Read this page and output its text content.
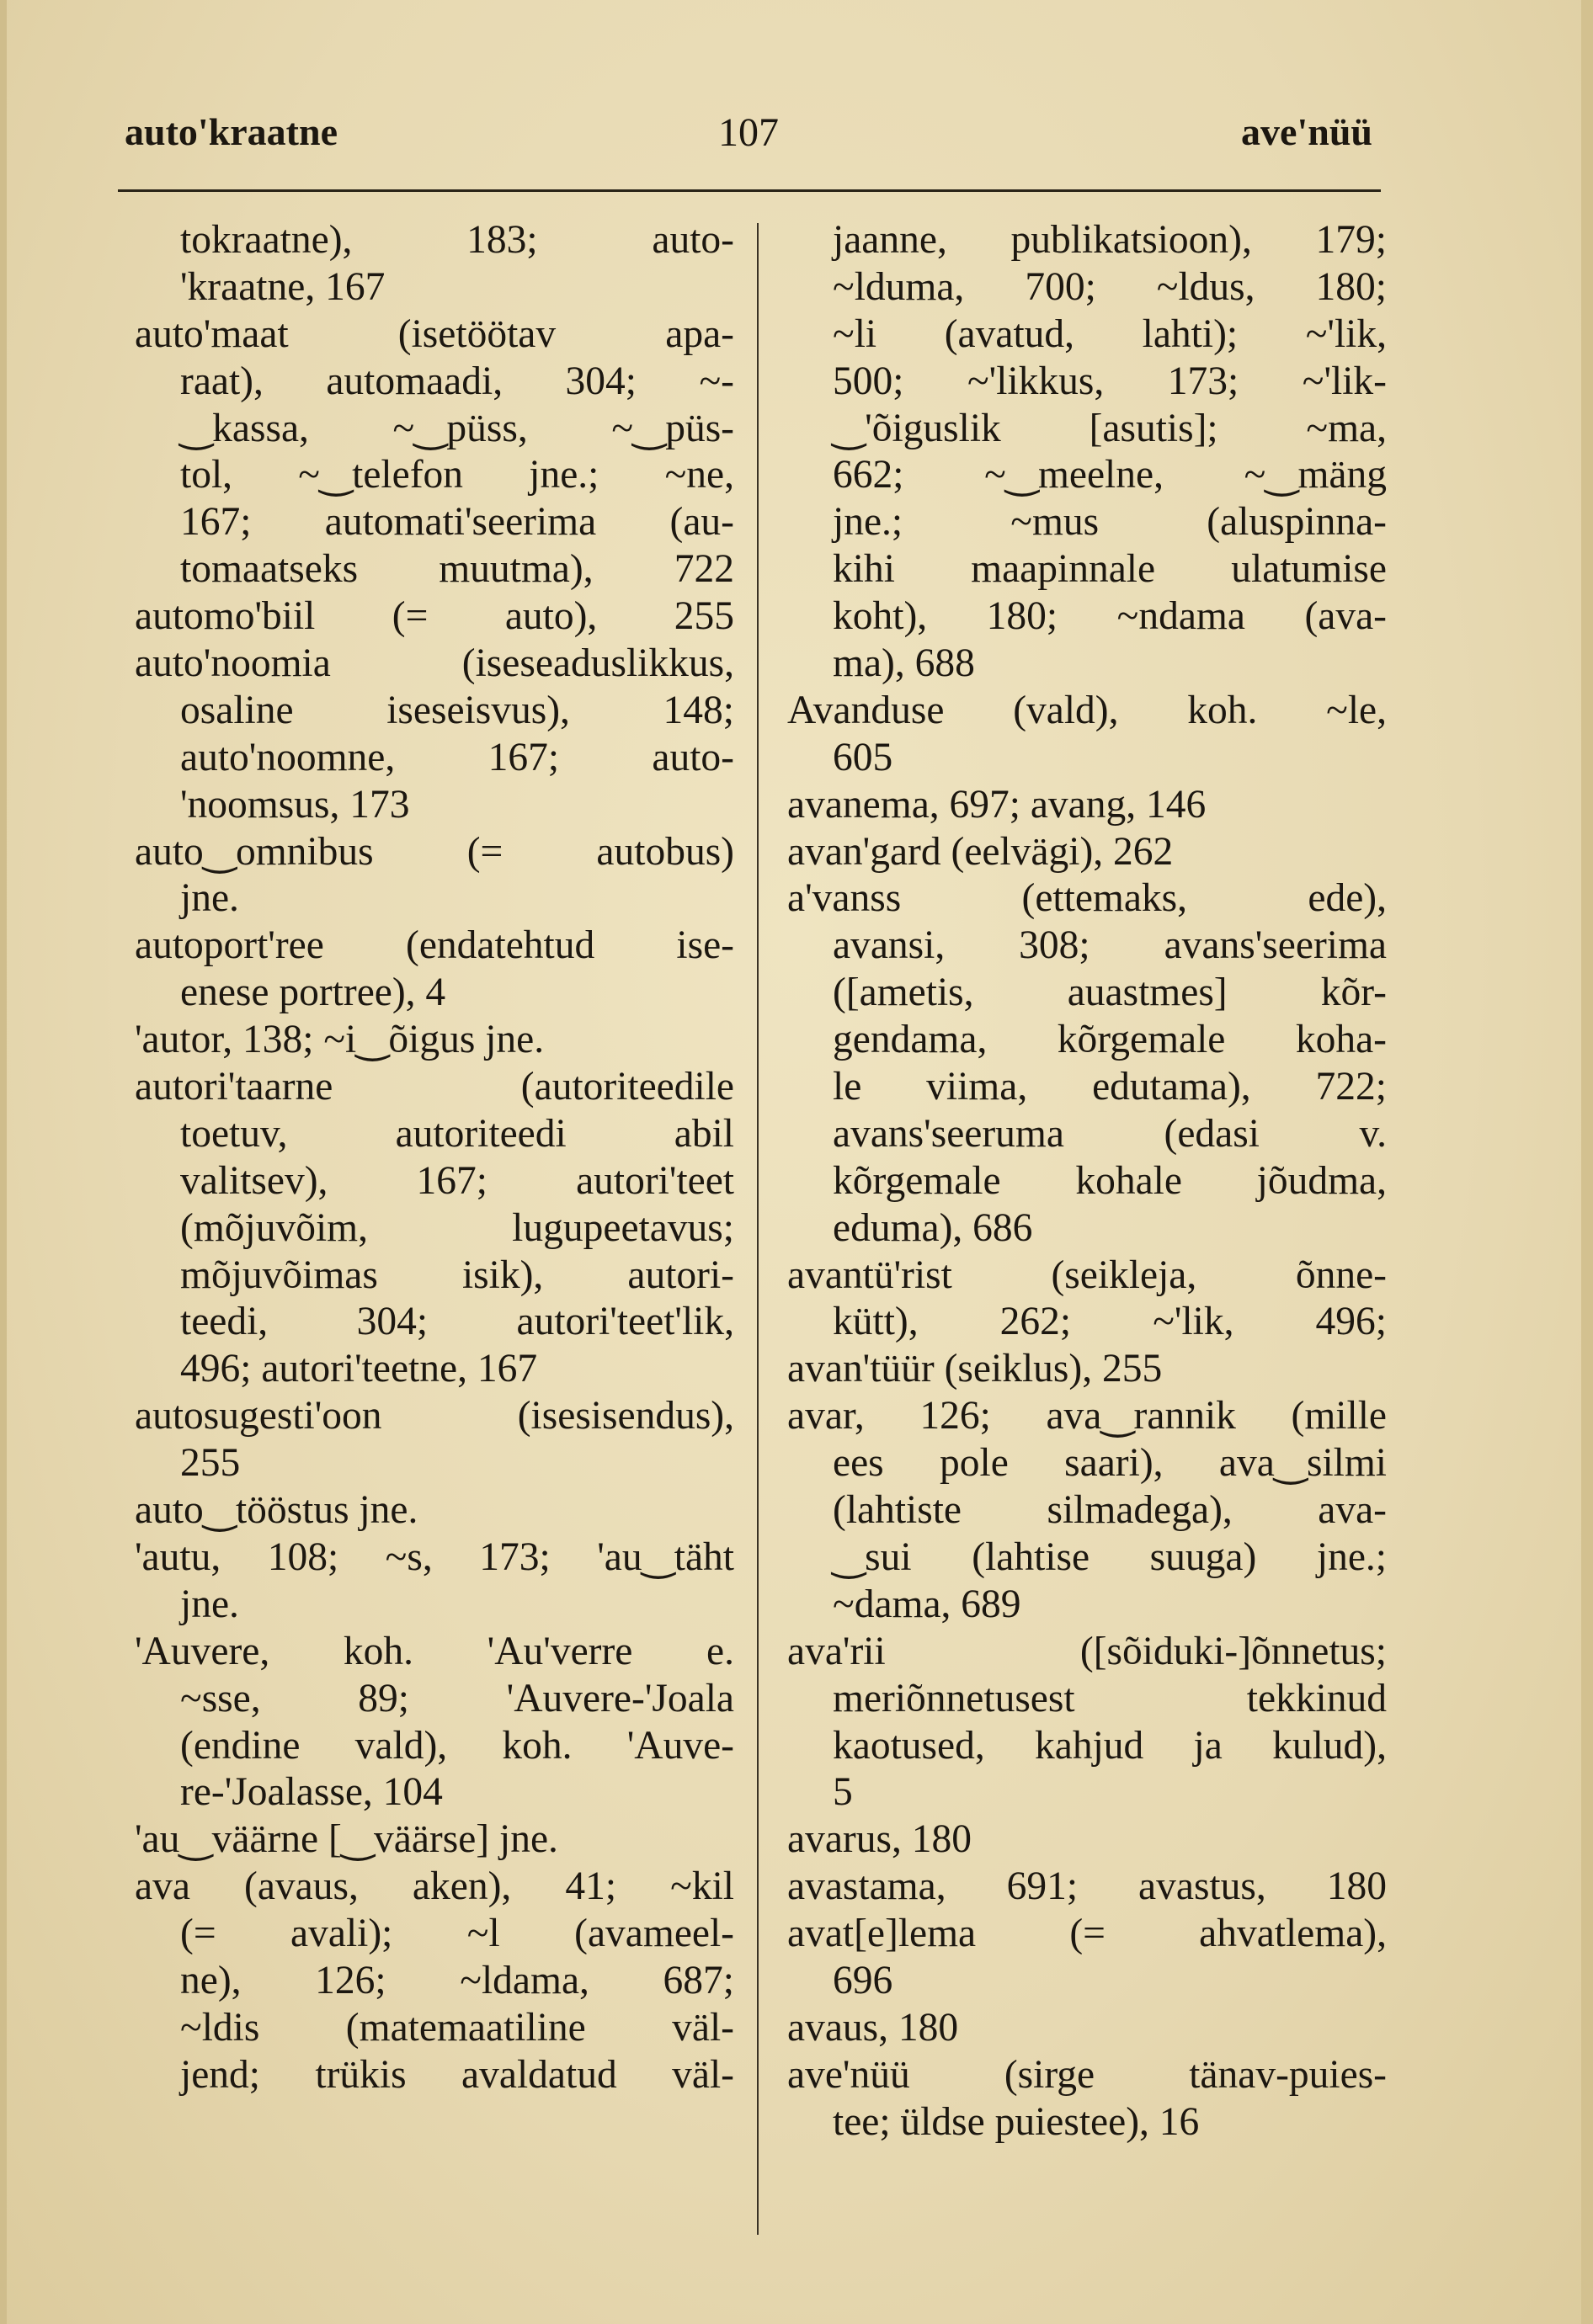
auto'kraatne	107	ave'nüü
tokraatne), 183; auto-
'kraatne, 167
auto'maat (isetöötav apa-
raat), automaadi, 304; ~-
‿kassa, ~‿püss, ~‿püs-
tol, ~‿telefon jne.; ~ne,
167; automati'seerima (au-
tomaatseks muutma), 722
automo'biil (= auto), 255
auto'noomia (iseseaduslikkus,
osaline iseseisvus), 148;
auto'noomne, 167; auto-
'noomsus, 173
auto‿omnibus (= autobus)
jne.
autoport'ree (endatehtud ise-
enese portree), 4
'autor, 138; ~i‿õigus jne.
autori'taarne (autoriteedile
toetuv, autoriteedi abil
valitsev), 167; autori'teet
(mõjuvõim, lugupeetavus;
mõjuvõimas isik), autori-
teedi, 304; autori'teet'lik,
496; autori'teetne, 167
autosugesti'oon (isesisendus),
255
auto‿tööstus jne.
'autu, 108; ~s, 173; 'au‿täht
jne.
'Auvere, koh. 'Au'verre e.
~sse, 89; 'Auvere-'Joala
(endine vald), koh. 'Auve-
re-'Joalasse, 104
'au‿väärne [‿väärse] jne.
ava (avaus, aken), 41; ~kil
(= avali); ~l (avameel-
ne), 126; ~ldama, 687;
~ldis (matemaatiline väl-
jend; trükis avaldatud väl-
jaanne, publikatsioon), 179;
~lduma, 700; ~ldus, 180;
~li (avatud, lahti); ~'lik,
500; ~'likkus, 173; ~'lik-
‿'õiguslik [asutis]; ~ma,
662; ~‿meelne, ~‿mäng
jne.; ~mus (aluspinna-
kihi maapinnale ulatumise
koht), 180; ~ndama (ava-
ma), 688
Avanduse (vald), koh. ~le,
605
avanema, 697; avang, 146
avan'gard (eelvägi), 262
a'vanss (ettemaks, ede),
avansi, 308; avans'seerima
([ametis, auastmes] kõr-
gendama, kõrgemale koha-
le viima, edutama), 722;
avans'seeruma (edasi v.
kõrgemale kohale jõudma,
eduma), 686
avantü'rist (seikleja, õnne-
kütt), 262; ~'lik, 496;
avan'tüür (seiklus), 255
avar, 126; ava‿rannik (mille
ees pole saari), ava‿silmi
(lahtiste silmadega), ava-
‿sui (lahtise suuga) jne.;
~dama, 689
ava'rii ([sõiduki-]õnnetus;
meriõnnetusest tekkinud
kaotused, kahjud ja kulud),
5
avarus, 180
avastama, 691; avastus, 180
avat[e]lema (= ahvatlema),
696
avaus, 180
ave'nüü (sirge tänav-puies-
tee; üldse puiestee), 16
